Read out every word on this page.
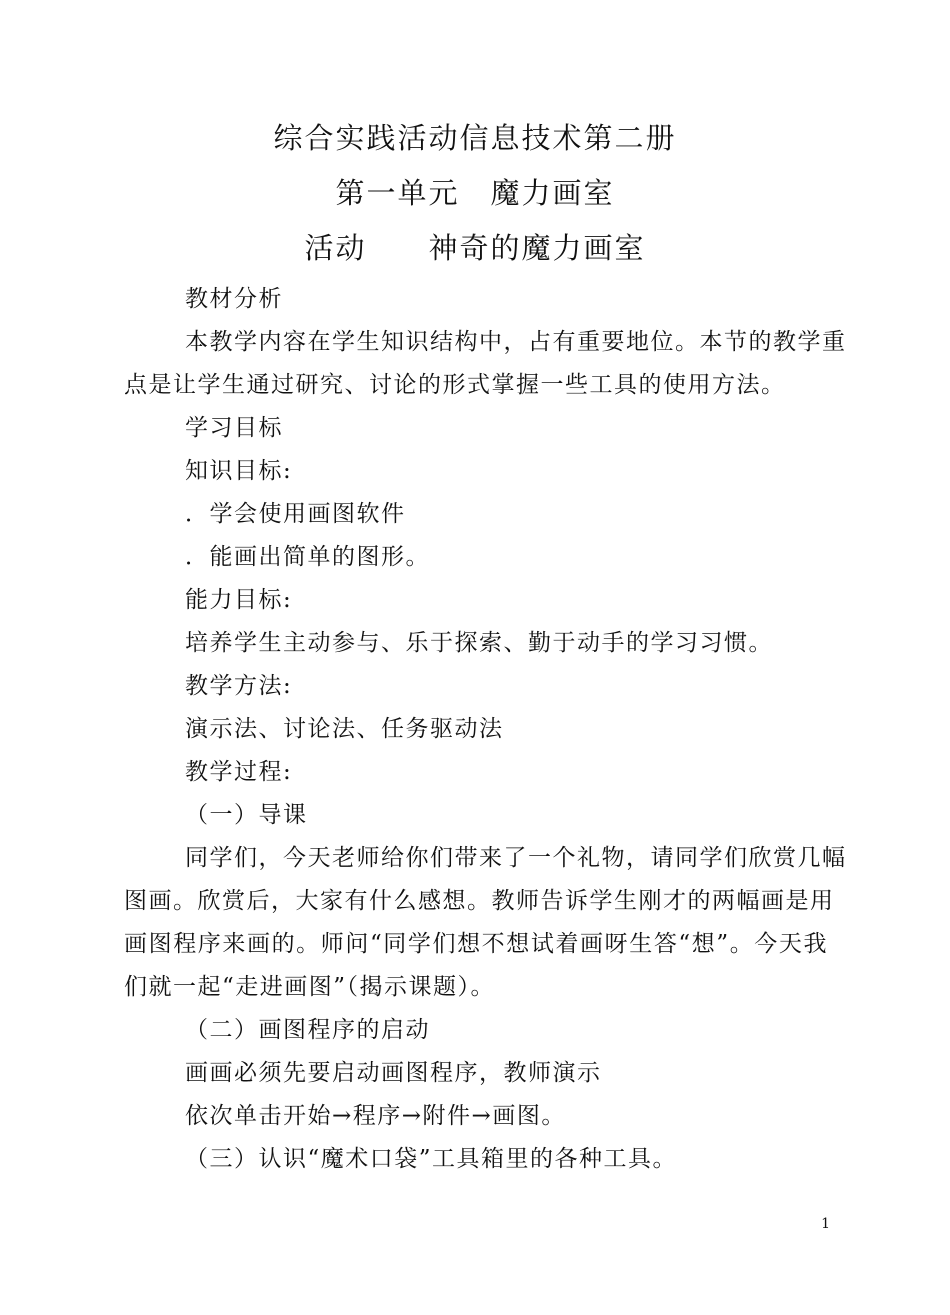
综合实践活动信息技术第二册
第一单元　魔力画室
活动　　神奇的魔力画室
教材分析
本教学内容在学生知识结构中，占有重要地位。本节的教学重
点是让学生通过研究、讨论的形式掌握一些工具的使用方法。
学习目标
知识目标:
．学会使用画图软件
．能画出简单的图形。
能力目标:
培养学生主动参与、乐于探索、勤于动手的学习习惯。
教学方法:
演示法、讨论法、任务驱动法
教学过程:
（一）导课
同学们，今天老师给你们带来了一个礼物，请同学们欣赏几幅
图画。欣赏后，大家有什么感想。教师告诉学生刚才的两幅画是用
画图程序来画的。师问“同学们想不想试着画呀生答“想”。今天我
们就一起“走进画图”（揭示课题）。
（二）画图程序的启动
画画必须先要启动画图程序，教师演示
依次单击开始→程序→附件→画图。
（三）认识“魔术口袋”工具箱里的各种工具。
1
